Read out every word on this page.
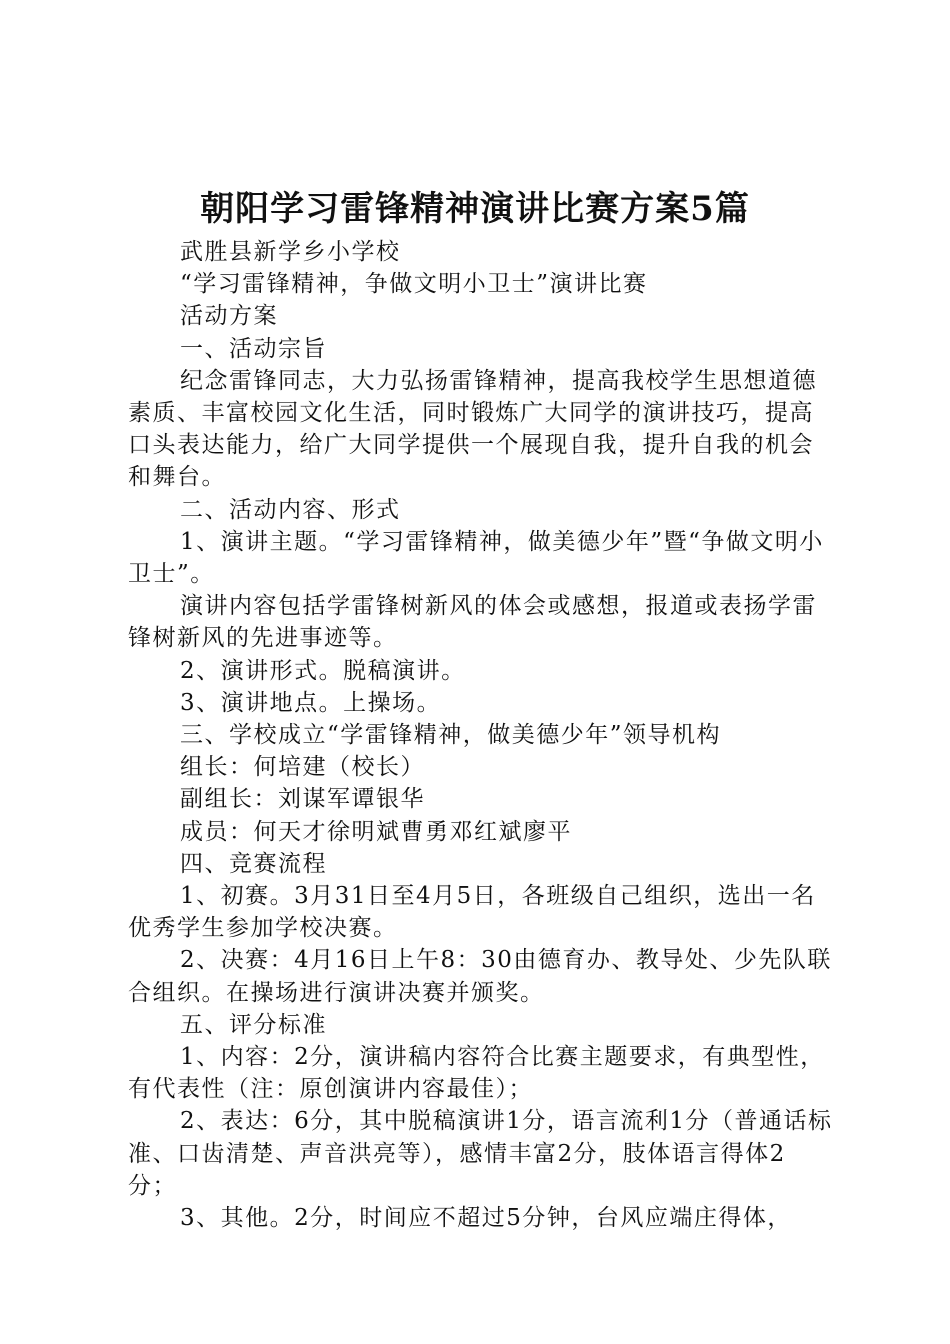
朝阳学习雷锋精神演讲比赛方案5篇

武胜县新学乡小学校

“学习雷锋精神，争做文明小卫士”演讲比赛

活动方案

一、活动宗旨

纪念雷锋同志，大力弘扬雷锋精神，提高我校学生思想道德素质、丰富校园文化生活，同时锻炼广大同学的演讲技巧，提高口头表达能力，给广大同学提供一个展现自我，提升自我的机会和舞台。

二、活动内容、形式

1、演讲主题。“学习雷锋精神，做美德少年”暨“争做文明小卫士”。

演讲内容包括学雷锋树新风的体会或感想，报道或表扬学雷锋树新风的先进事迹等。

2、演讲形式。脱稿演讲。

3、演讲地点。上操场。

三、学校成立“学雷锋精神，做美德少年”领导机构

组长：何培建（校长）

副组长：刘谋军谭银华

成员：何天才徐明斌曹勇邓红斌廖平

四、竞赛流程

1、初赛。3月31日至4月5日，各班级自己组织，选出一名优秀学生参加学校决赛。

2、决赛：4月16日上午8：30由德育办、教导处、少先队联合组织。在操场进行演讲决赛并颁奖。

五、评分标准

1、内容：2分，演讲稿内容符合比赛主题要求，有典型性，有代表性（注：原创演讲内容最佳）；

2、表达：6分，其中脱稿演讲1分，语言流利1分（普通话标准、口齿清楚、声音洪亮等），感情丰富2分，肢体语言得体2分；

3、其他。2分，时间应不超过5分钟，台风应端庄得体，
